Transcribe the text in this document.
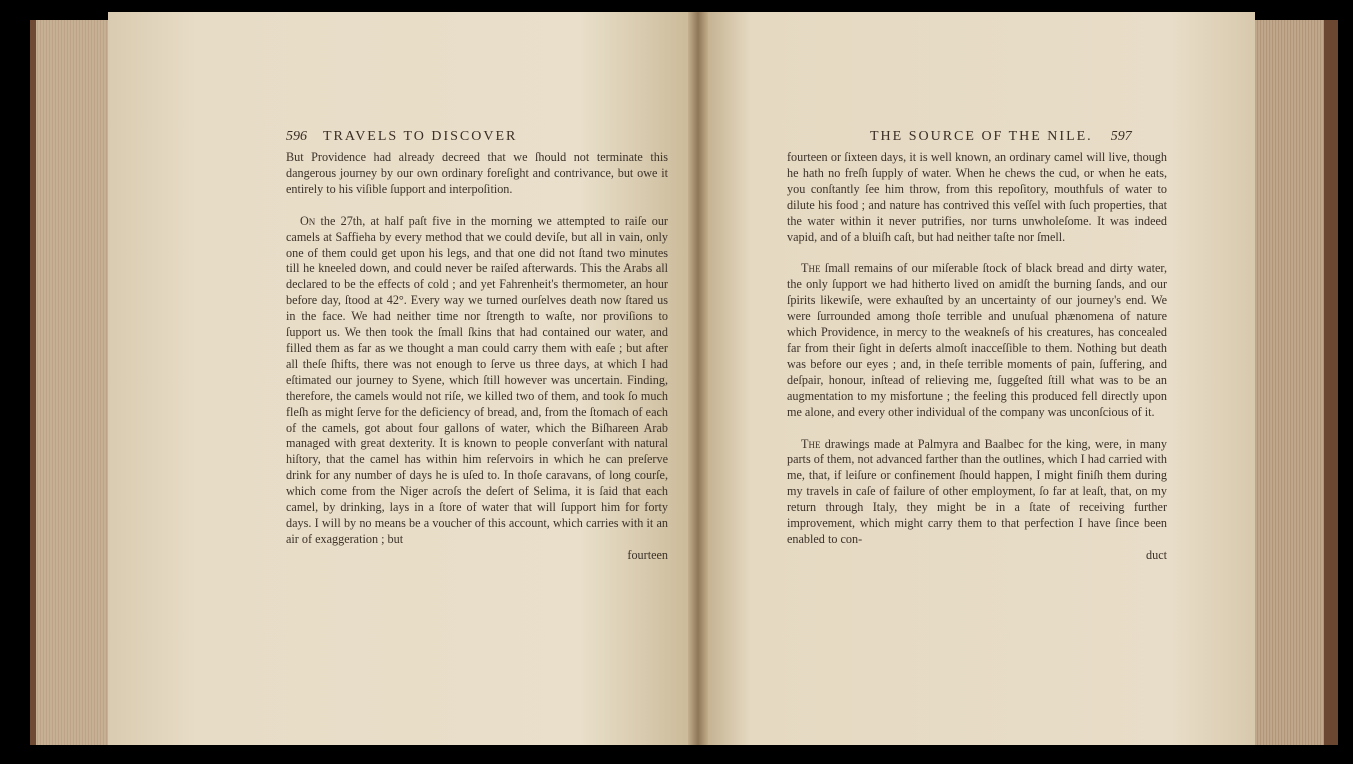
596 TRAVELS TO DISCOVER

But Providence had already decreed that we ſhould not terminate this dangerous journey by our own ordinary foreſight and contrivance, but owe it entirely to his viſible ſupport and interpoſition.

On the 27th, at half paſt five in the morning we attempted to raiſe our camels at Saffieha by every method that we could deviſe, but all in vain, only one of them could get upon his legs, and that one did not ſtand two minutes till he kneeled down, and could never be raiſed afterwards. This the Arabs all declared to be the effects of cold ; and yet Fahrenheit's thermometer, an hour before day, ſtood at 42°. Every way we turned ourſelves death now ſtared us in the face. We had neither time nor ſtrength to waſte, nor proviſions to ſupport us. We then took the ſmall ſkins that had contained our water, and filled them as far as we thought a man could carry them with eaſe ; but after all theſe ſhifts, there was not enough to ſerve us three days, at which I had eſtimated our journey to Syene, which ſtill however was uncertain. Finding, therefore, the camels would not riſe, we killed two of them, and took ſo much fleſh as might ſerve for the deficiency of bread, and, from the ſtomach of each of the camels, got about four gallons of water, which the Biſhareen Arab managed with great dexterity. It is known to people converſant with natural hiſtory, that the camel has within him reſervoirs in which he can preſerve drink for any number of days he is uſed to. In thoſe caravans, of long courſe, which come from the Niger acroſs the deſert of Selima, it is ſaid that each camel, by drinking, lays in a ſtore of water that will ſupport him for forty days. I will by no means be a voucher of this account, which carries with it an air of exaggeration ; but

fourteen
THE SOURCE OF THE NILE. 597

fourteen or ſixteen days, it is well known, an ordinary camel will live, though he hath no freſh ſupply of water. When he chews the cud, or when he eats, you conſtantly ſee him throw, from this repoſitory, mouthfuls of water to dilute his food ; and nature has contrived this veſſel with ſuch properties, that the water within it never putrifies, nor turns unwholeſome. It was indeed vapid, and of a bluiſh caſt, but had neither taſte nor ſmell.

The ſmall remains of our miſerable ſtock of black bread and dirty water, the only ſupport we had hitherto lived on amidſt the burning ſands, and our ſpirits likewiſe, were exhauſted by an uncertainty of our journey's end. We were ſurrounded among thoſe terrible and unuſual phænomena of nature which Providence, in mercy to the weakneſs of his creatures, has concealed far from their ſight in deſerts almoſt inacceſſible to them. Nothing but death was before our eyes ; and, in theſe terrible moments of pain, ſuffering, and deſpair, honour, inſtead of relieving me, ſuggeſted ſtill what was to be an augmentation to my misfortune ; the feeling this produced fell directly upon me alone, and every other individual of the company was unconſcious of it.

The drawings made at Palmyra and Baalbec for the king, were, in many parts of them, not advanced farther than the outlines, which I had carried with me, that, if leiſure or confinement ſhould happen, I might finiſh them during my travels in caſe of failure of other employment, ſo far at leaſt, that, on my return through Italy, they might be in a ſtate of receiving further improvement, which might carry them to that perfection I have ſince been enabled to con-

duct
